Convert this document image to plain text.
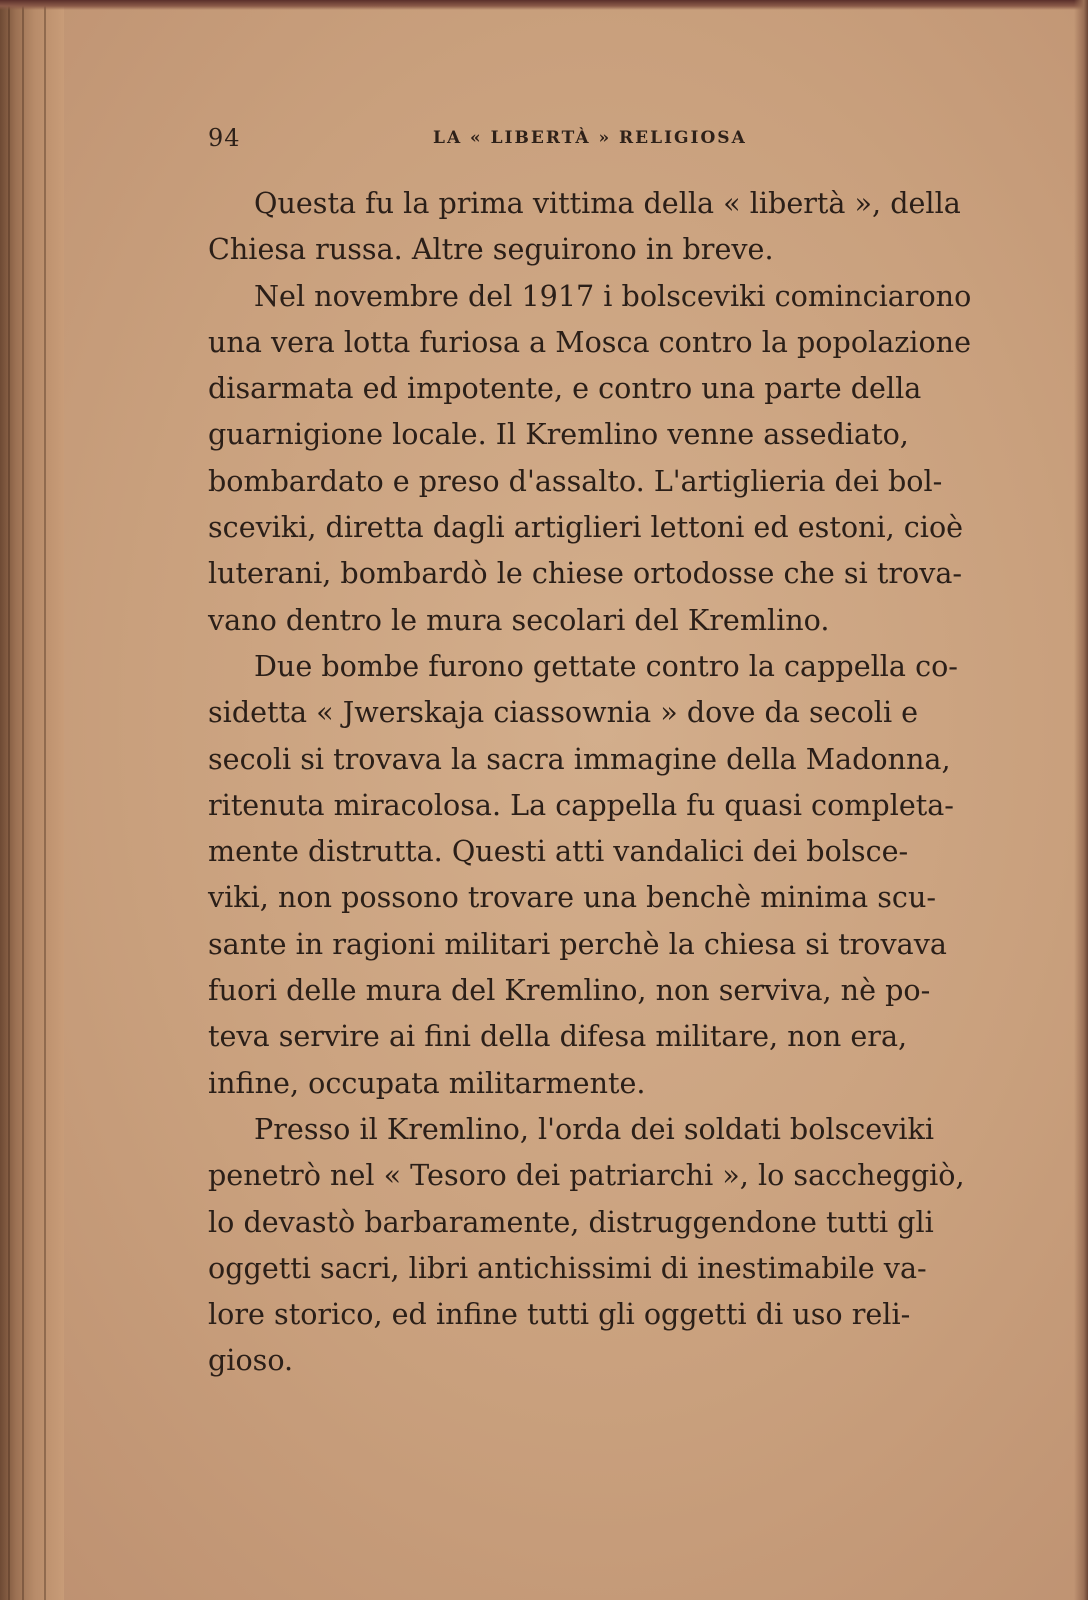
94	LA « LIBERTÀ » RELIGIOSA

Questa fu la prima vittima della « libertà », della
Chiesa russa. Altre seguirono in breve.

Nel novembre del 1917 i bolsceviki cominciarono
una vera lotta furiosa a Mosca contro la popolazione
disarmata ed impotente, e contro una parte della
guarnigione locale. Il Kremlino venne assediato,
bombardato e preso d'assalto. L'artiglieria dei bol-
sceviki, diretta dagli artiglieri lettoni ed estoni, cioè
luterani, bombardò le chiese ortodosse che si trova-
vano dentro le mura secolari del Kremlino.

Due bombe furono gettate contro la cappella co-
sidetta « Jwerskaja ciassownia » dove da secoli e
secoli si trovava la sacra immagine della Madonna,
ritenuta miracolosa. La cappella fu quasi completa-
mente distrutta. Questi atti vandalici dei bolsce-
viki, non possono trovare una benchè minima scu-
sante in ragioni militari perchè la chiesa si trovava
fuori delle mura del Kremlino, non serviva, nè po-
teva servire ai fini della difesa militare, non era,
infine, occupata militarmente.

Presso il Kremlino, l'orda dei soldati bolsceviki
penetrò nel « Tesoro dei patriarchi », lo saccheggiò,
lo devastò barbaramente, distruggendone tutti gli
oggetti sacri, libri antichissimi di inestimabile va-
lore storico, ed infine tutti gli oggetti di uso reli-
gioso.
